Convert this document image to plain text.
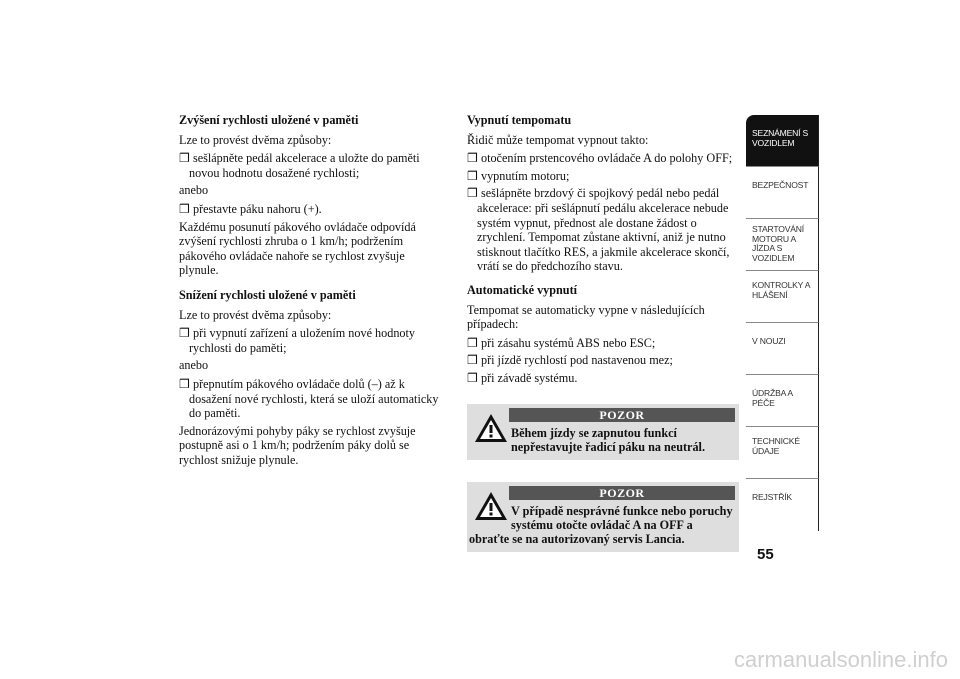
Zvýšení rychlosti uložené v paměti
Lze to provést dvěma způsoby:
❒ sešlápněte pedál akcelerace a uložte do paměti novou hodnotu dosažené rychlosti;
anebo
❒ přestavte páku nahoru (+).
Každému posunutí pákového ovládače odpovídá zvýšení rychlosti zhruba o 1 km/h; podržením pákového ovládače nahoře se rychlost zvyšuje plynule.
Snížení rychlosti uložené v paměti
Lze to provést dvěma způsoby:
❒ při vypnutí zařízení a uložením nové hodnoty rychlosti do paměti;
anebo
❒ přepnutím pákového ovládače dolů (–) až k dosažení nové rychlosti, která se uloží automaticky do paměti.
Jednorázovými pohyby páky se rychlost zvyšuje postupně asi o 1 km/h; podržením páky dolů se rychlost snižuje plynule.
Vypnutí tempomatu
Řidič může tempomat vypnout takto:
❒ otočením prstencového ovládače A do polohy OFF;
❒ vypnutím motoru;
❒ sešlápněte brzdový či spojkový pedál nebo pedál akcelerace: při sešlápnutí pedálu akcelerace nebude systém vypnut, přednost ale dostane žádost o zrychlení. Tempomat zůstane aktivní, aniž je nutno stisknout tlačítko RES, a jakmile akcelerace skončí, vrátí se do předchozího stavu.
Automatické vypnutí
Tempomat se automaticky vypne v následujících případech:
❒ při zásahu systémů ABS nebo ESC;
❒ při jízdě rychlostí pod nastavenou mez;
❒ při závadě systému.
POZOR
Během jízdy se zapnutou funkcí nepřestavujte řadicí páku na neutrál.
POZOR
V případě nesprávné funkce nebo poruchy systému otočte ovládač A na OFF a
obraťte se na autorizovaný servis Lancia.
SEZNÁMENÍ S VOZIDLEM
BEZPEČNOST
STARTOVÁNÍ MOTORU A JÍZDA S VOZIDLEM
KONTROLKY A HLÁŠENÍ
V NOUZI
ÚDRŽBA A PÉČE
TECHNICKÉ ÚDAJE
REJSTŘÍK
55
carmanualsonline.info
